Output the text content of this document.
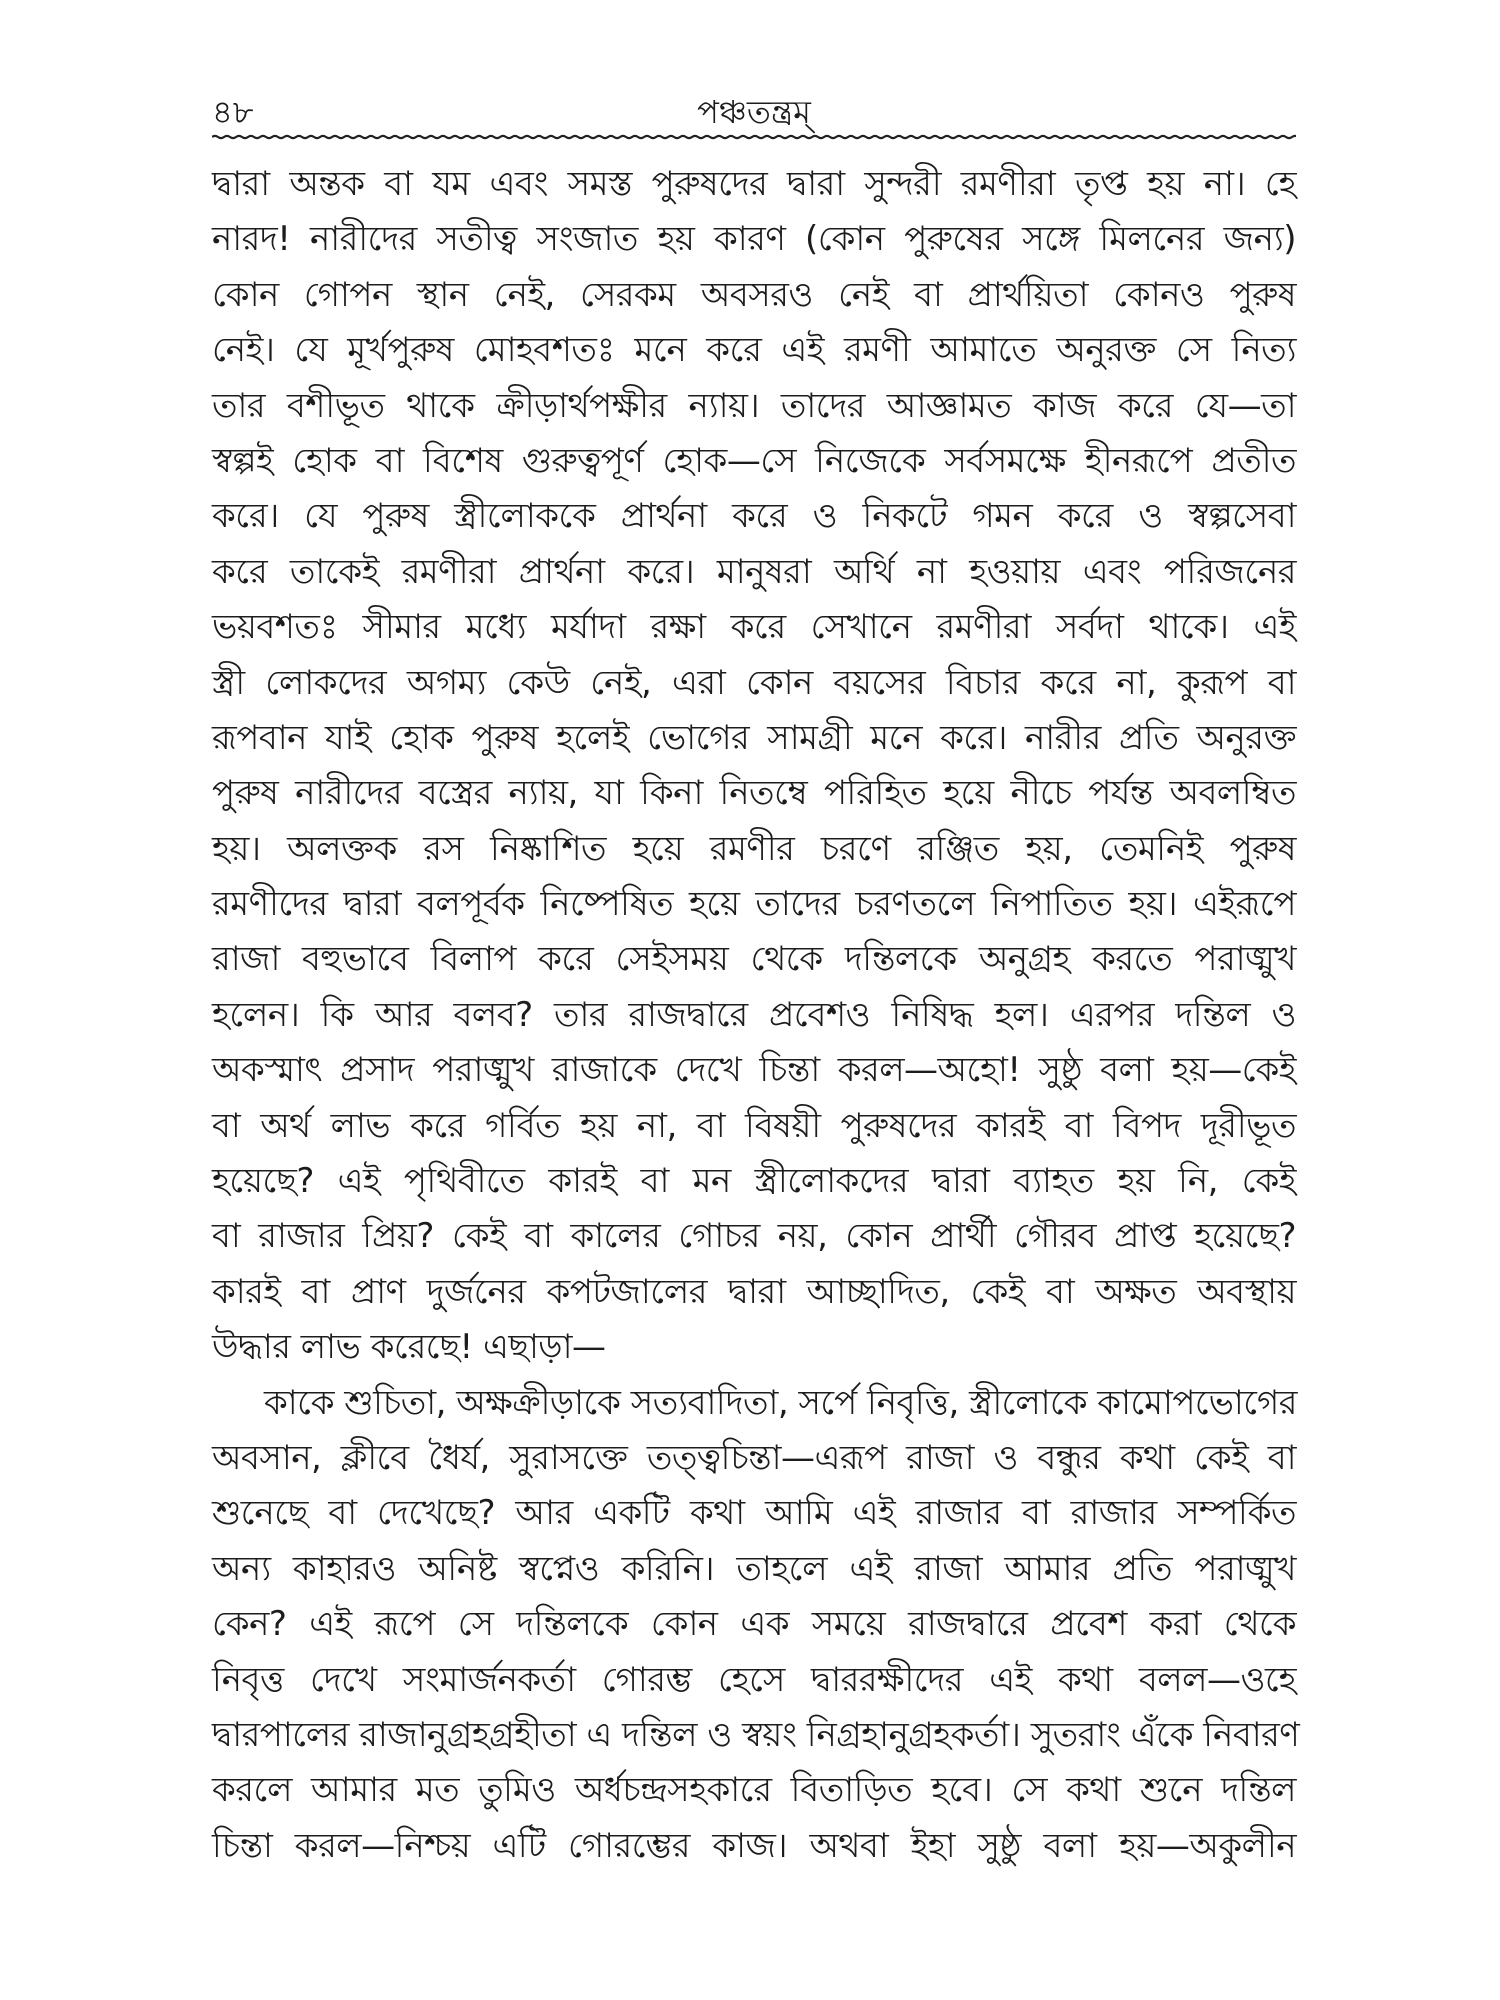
৪৮	পঞ্চতন্ত্রম্
দ্বারা অন্তক বা যম এবং সমস্ত পুরুষদের দ্বারা সুন্দরী রমণীরা তৃপ্ত হয় না। হে
নারদ! নারীদের সতীত্ব সংজাত হয় কারণ (কোন পুরুষের সঙ্গে মিলনের জন্য)
কোন গোপন স্থান নেই, সেরকম অবসরও নেই বা প্রার্থয়িতা কোনও পুরুষ
নেই। যে মূর্খপুরুষ মোহবশতঃ মনে করে এই রমণী আমাতে অনুরক্ত সে নিত্য
তার বশীভূত থাকে ক্রীড়ার্থপক্ষীর ন্যায়। তাদের আজ্ঞামত কাজ করে যে—তা
স্বল্পই হোক বা বিশেষ গুরুত্বপূর্ণ হোক—সে নিজেকে সর্বসমক্ষে হীনরূপে প্রতীত
করে। যে পুরুষ স্ত্রীলোককে প্রার্থনা করে ও নিকটে গমন করে ও স্বল্পসেবা
করে তাকেই রমণীরা প্রার্থনা করে। মানুষরা অর্থি না হওয়ায় এবং পরিজনের
ভয়বশতঃ সীমার মধ্যে মর্যাদা রক্ষা করে সেখানে রমণীরা সর্বদা থাকে। এই
স্ত্রী লোকদের অগম্য কেউ নেই, এরা কোন বয়সের বিচার করে না, কুরূপ বা
রূপবান যাই হোক পুরুষ হলেই ভোগের সামগ্রী মনে করে। নারীর প্রতি অনুরক্ত
পুরুষ নারীদের বস্ত্রের ন্যায়, যা কিনা নিতম্বে পরিহিত হয়ে নীচে পর্যন্ত অবলম্বিত
হয়। অলক্তক রস নিষ্কাশিত হয়ে রমণীর চরণে রঞ্জিত হয়, তেমনিই পুরুষ
রমণীদের দ্বারা বলপূর্বক নিষ্পেষিত হয়ে তাদের চরণতলে নিপাতিত হয়। এইরূপে
রাজা বহুভাবে বিলাপ করে সেইসময় থেকে দন্তিলকে অনুগ্রহ করতে পরাঙ্মুখ
হলেন। কি আর বলব? তার রাজদ্বারে প্রবেশও নিষিদ্ধ হল। এরপর দন্তিল ও
অকস্মাৎ প্রসাদ পরাঙ্মুখ রাজাকে দেখে চিন্তা করল—অহো! সুষ্ঠু বলা হয়—কেই
বা অর্থ লাভ করে গর্বিত হয় না, বা বিষয়ী পুরুষদের কারই বা বিপদ দূরীভূত
হয়েছে? এই পৃথিবীতে কারই বা মন স্ত্রীলোকদের দ্বারা ব্যাহত হয় নি, কেই
বা রাজার প্রিয়? কেই বা কালের গোচর নয়, কোন প্রার্থী গৌরব প্রাপ্ত হয়েছে?
কারই বা প্রাণ দুর্জনের কপটজালের দ্বারা আচ্ছাদিত, কেই বা অক্ষত অবস্থায়
উদ্ধার লাভ করেছে! এছাড়া—
কাকে শুচিতা, অক্ষক্রীড়াকে সত্যবাদিতা, সর্পে নিবৃত্তি, স্ত্রীলোকে কামোপভোগের
অবসান, ক্লীবে ধৈর্য, সুরাসক্তে তত্ত্বচিন্তা—এরূপ রাজা ও বন্ধুর কথা কেই বা
শুনেছে বা দেখেছে? আর একটি কথা আমি এই রাজার বা রাজার সম্পর্কিত
অন্য কাহারও অনিষ্ট স্বপ্নেও করিনি। তাহলে এই রাজা আমার প্রতি পরাঙ্মুখ
কেন? এই রূপে সে দন্তিলকে কোন এক সময়ে রাজদ্বারে প্রবেশ করা থেকে
নিবৃত্ত দেখে সংমার্জনকর্তা গোরম্ভ হেসে দ্বাররক্ষীদের এই কথা বলল—ওহে
দ্বারপালের রাজানুগ্রহগ্রহীতা এ দন্তিল ও স্বয়ং নিগ্রহানুগ্রহকর্তা। সুতরাং এঁকে নিবারণ
করলে আমার মত তুমিও অর্ধচন্দ্রসহকারে বিতাড়িত হবে। সে কথা শুনে দন্তিল
চিন্তা করল—নিশ্চয় এটি গোরম্ভের কাজ। অথবা ইহা সুষ্ঠু বলা হয়—অকুলীন
